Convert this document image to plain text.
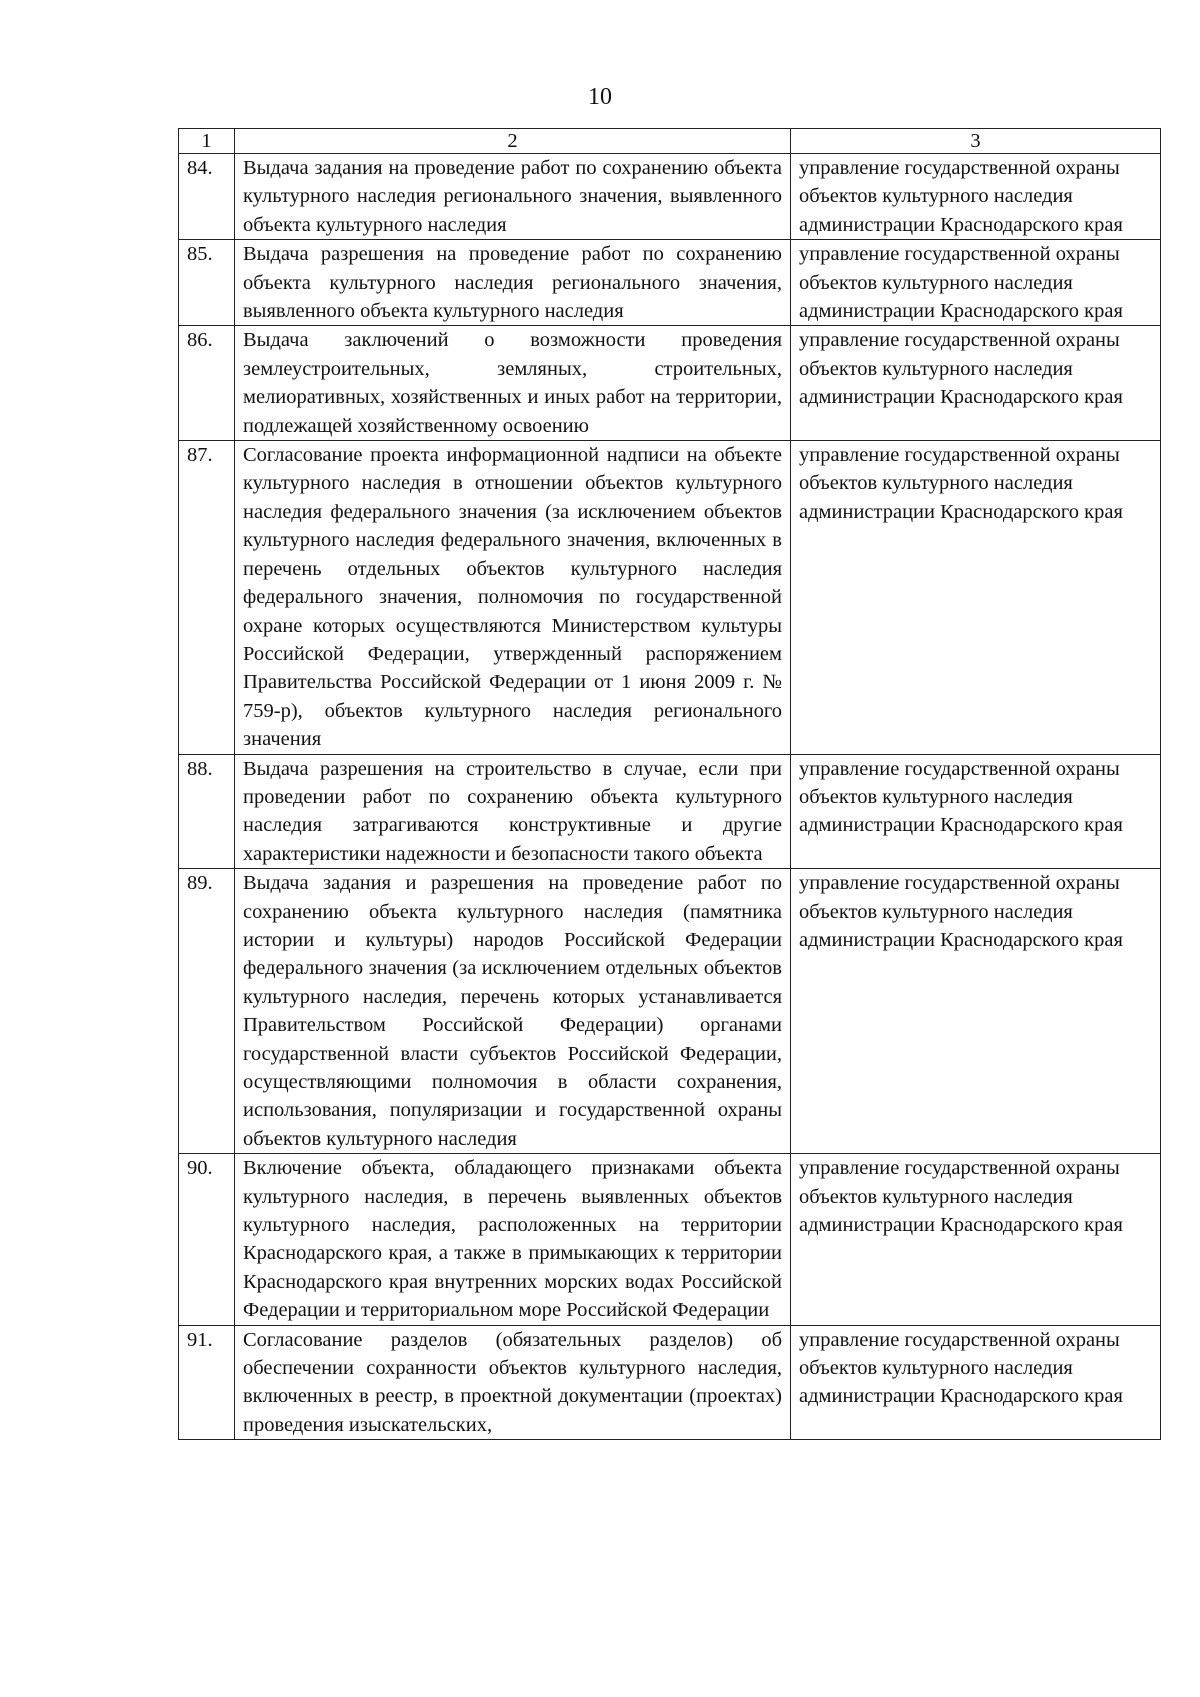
10
1	2	3
84.	Выдача задания на проведение работ по сохранению объекта культурного наследия регионального значения, выявленного объекта культурного наследия	управление государственной охраны объектов культурного наследия администрации Краснодарского края
85.	Выдача разрешения на проведение работ по сохранению объекта культурного наследия регионального значения, выявленного объекта культурного наследия	управление государственной охраны объектов культурного наследия администрации Краснодарского края
86.	Выдача заключений о возможности проведения землеустроительных, земляных, строительных, мелиоративных, хозяйственных и иных работ на территории, подлежащей хозяйственному освоению	управление государственной охраны объектов культурного наследия администрации Краснодарского края
87.	Согласование проекта информационной надписи на объекте культурного наследия в отношении объектов культурного наследия федерального значения (за исключением объектов культурного наследия федерального значения, включенных в перечень отдельных объектов культурного наследия федерального значения, полномочия по государственной охране которых осуществляются Министерством культуры Российской Федерации, утвержденный распоряжением Правительства Российской Федерации от 1 июня 2009 г. № 759-р), объектов культурного наследия регионального значения	управление государственной охраны объектов культурного наследия администрации Краснодарского края
88.	Выдача разрешения на строительство в случае, если при проведении работ по сохранению объекта культурного наследия затрагиваются конструктивные и другие характеристики надежности и безопасности такого объекта	управление государственной охраны объектов культурного наследия администрации Краснодарского края
89.	Выдача задания и разрешения на проведение работ по сохранению объекта культурного наследия (памятника истории и культуры) народов Российской Федерации федерального значения (за исключением отдельных объектов культурного наследия, перечень которых устанавливается Правительством Российской Федерации) органами государственной власти субъектов Российской Федерации, осуществляющими полномочия в области сохранения, использования, популяризации и государственной охраны объектов культурного наследия	управление государственной охраны объектов культурного наследия администрации Краснодарского края
90.	Включение объекта, обладающего признаками объекта культурного наследия, в перечень выявленных объектов культурного наследия, расположенных на территории Краснодарского края, а также в примыкающих к территории Краснодарского края внутренних морских водах Российской Федерации и территориальном море Российской Федерации	управление государственной охраны объектов культурного наследия администрации Краснодарского края
91.	Согласование разделов (обязательных разделов) об обеспечении сохранности объектов культурного наследия, включенных в реестр, в проектной документации (проектах) проведения изыскательских,	управление государственной охраны объектов культурного наследия администрации Краснодарского края
